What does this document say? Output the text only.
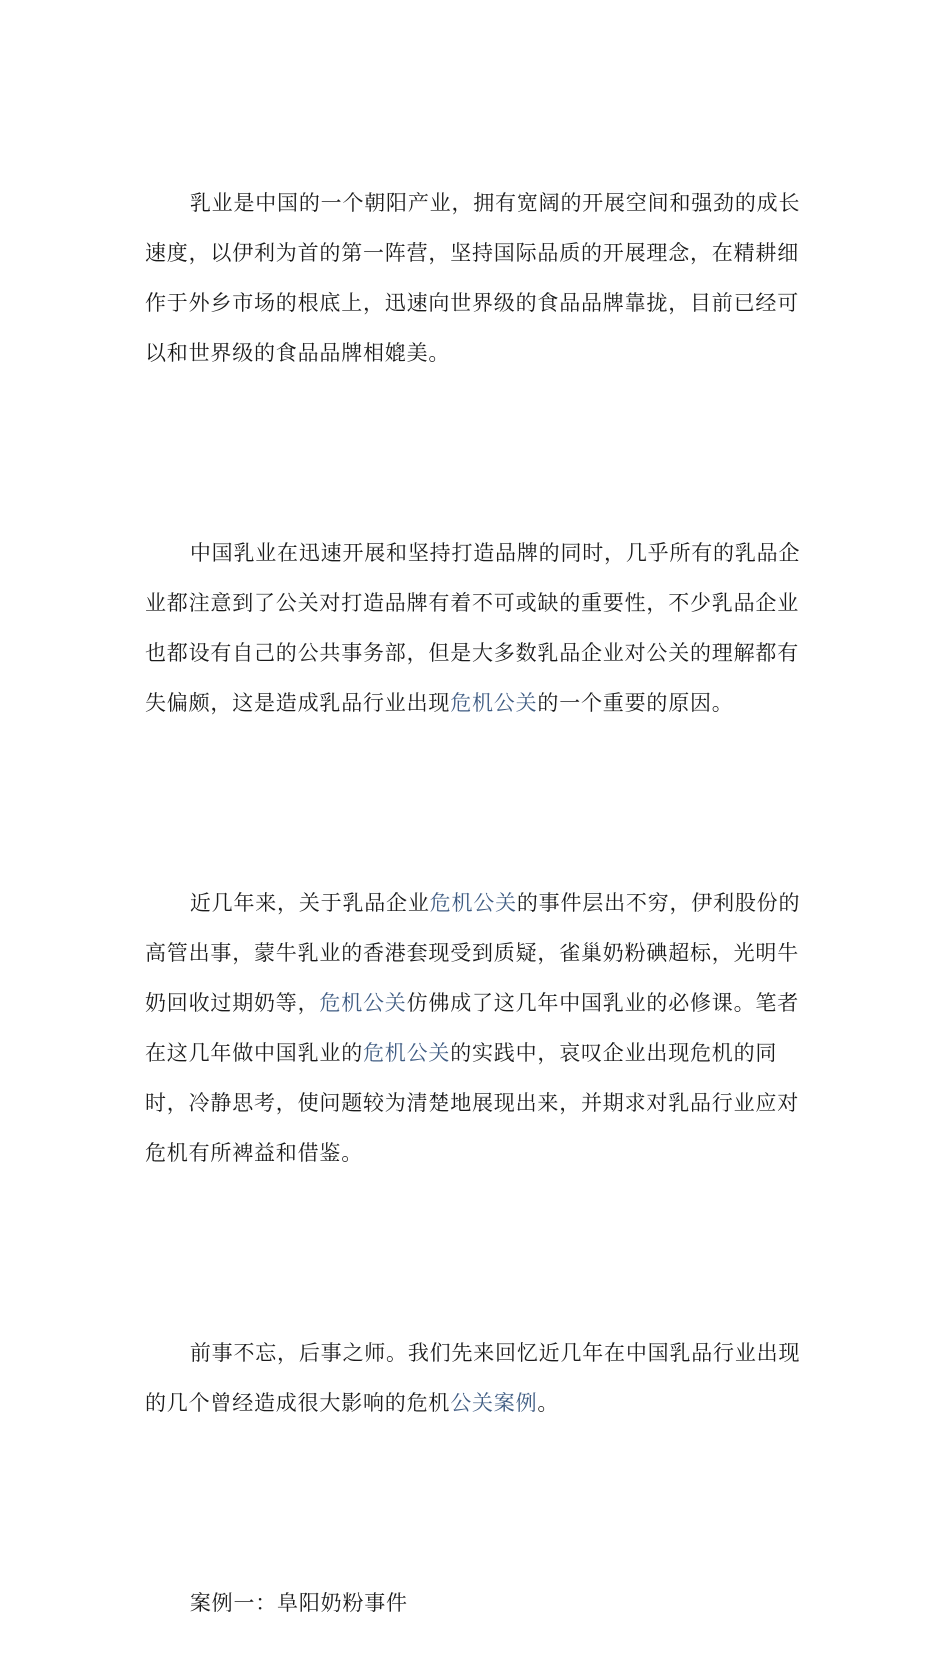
乳业是中国的一个朝阳产业，拥有宽阔的开展空间和强劲的成长速度，以伊利为首的第一阵营，坚持国际品质的开展理念，在精耕细作于外乡市场的根底上，迅速向世界级的食品品牌靠拢，目前已经可以和世界级的食品品牌相媲美。

中国乳业在迅速开展和坚持打造品牌的同时，几乎所有的乳品企业都注意到了公关对打造品牌有着不可或缺的重要性，不少乳品企业也都设有自己的公共事务部，但是大多数乳品企业对公关的理解都有失偏颇，这是造成乳品行业出现危机公关的一个重要的原因。

近几年来，关于乳品企业危机公关的事件层出不穷，伊利股份的高管出事，蒙牛乳业的香港套现受到质疑，雀巢奶粉碘超标，光明牛奶回收过期奶等，危机公关仿佛成了这几年中国乳业的必修课。笔者在这几年做中国乳业的危机公关的实践中，哀叹企业出现危机的同时，冷静思考，使问题较为清楚地展现出来，并期求对乳品行业应对危机有所裨益和借鉴。

前事不忘，后事之师。我们先来回忆近几年在中国乳品行业出现的几个曾经造成很大影响的危机公关案例。

案例一：阜阳奶粉事件
